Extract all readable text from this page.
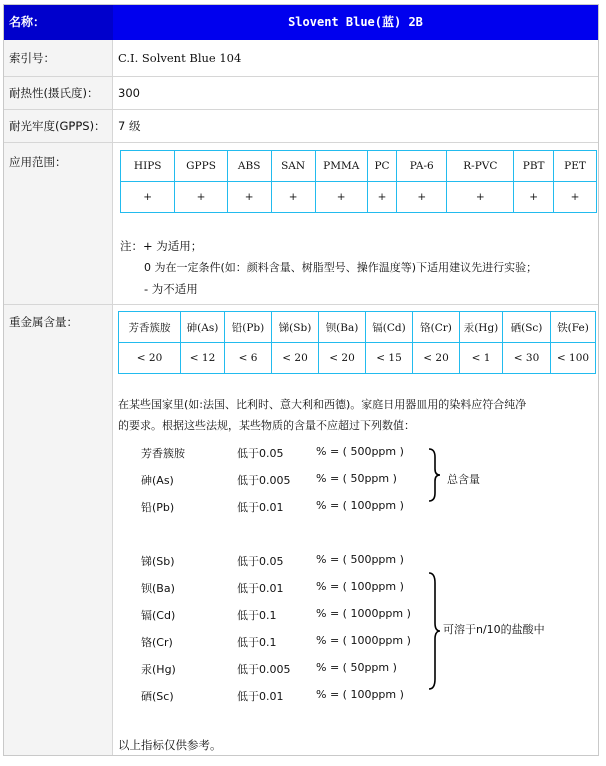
名称：	Slovent Blue(蓝) 2B
索引号：	C.I. Solvent Blue 104
耐热性(摄氏度)：	300
耐光牢度(GPPS)：	7 级
应用范围：	HIPS	GPPS	ABS	SAN	PMMA	PC	PA-6	R-PVC	PBT	PET
+	+	+	+	+	+	+	+	+	+
注：+ 为适用；
0 为在一定条件(如：颜料含量、树脂型号、操作温度等)下适用建议先进行实验；
- 为不适用
重金属含量：	芳香簇胺	砷(As)	铅(Pb)	锑(Sb)	钡(Ba)	镉(Cd)	铬(Cr)	汞(Hg)	硒(Sc)	铁(Fe)
< 20	< 12	< 6	< 20	< 20	< 15	< 20	< 1	< 30	< 100
在某些国家里(如:法国、比利时、意大利和西德)。家庭日用器皿用的染料应符合纯净
的要求。根据这些法规，某些物质的含量不应超过下列数值：
芳香簇胺	低于0.05	% = ( 500ppm )
砷(As)	低于0.005 % = ( 50ppm )
铅(Pb)	低于0.01	% = ( 100ppm )
总含量
锑(Sb)	低于0.05	% = ( 500ppm )
钡(Ba)	低于0.01	% = ( 100ppm )
镉(Cd)	低于0.1	% = ( 1000ppm )
铬(Cr)	低于0.1	% = ( 1000ppm )
汞(Hg)	低于0.005 % = ( 50ppm )
硒(Sc)	低于0.01	% = ( 100ppm )
可溶于n/10的盐酸中
以上指标仅供参考。
